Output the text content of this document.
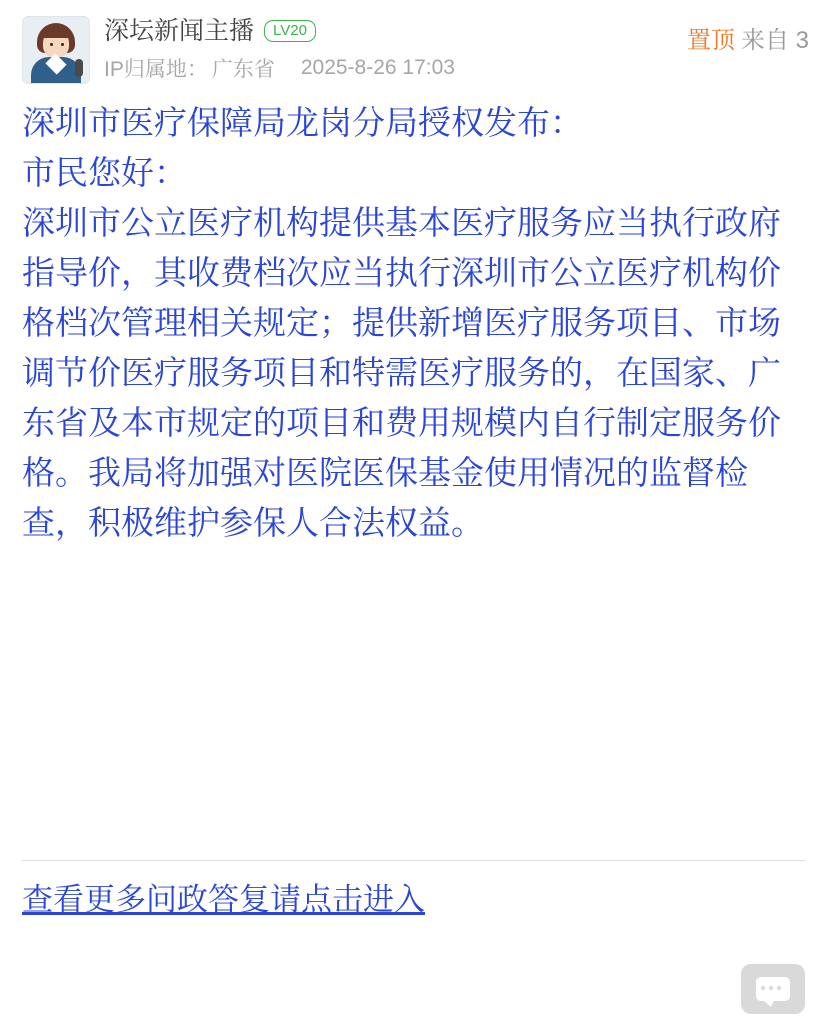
深坛新闻主播	LV20
IP归属地： 广东省 2025-8-26 17:03
置顶 来自 3

深圳市医疗保障局龙岗分局授权发布：

市民您好：

深圳市公立医疗机构提供基本医疗服务应当执行政府指导价，其收费档次应当执行深圳市公立医疗机构价格档次管理相关规定；提供新增医疗服务项目、市场调节价医疗服务项目和特需医疗服务的，在国家、广东省及本市规定的项目和费用规模内自行制定服务价格。我局将加强对医院医保基金使用情况的监督检查，积极维护参保人合法权益。

查看更多问政答复请点击进入
